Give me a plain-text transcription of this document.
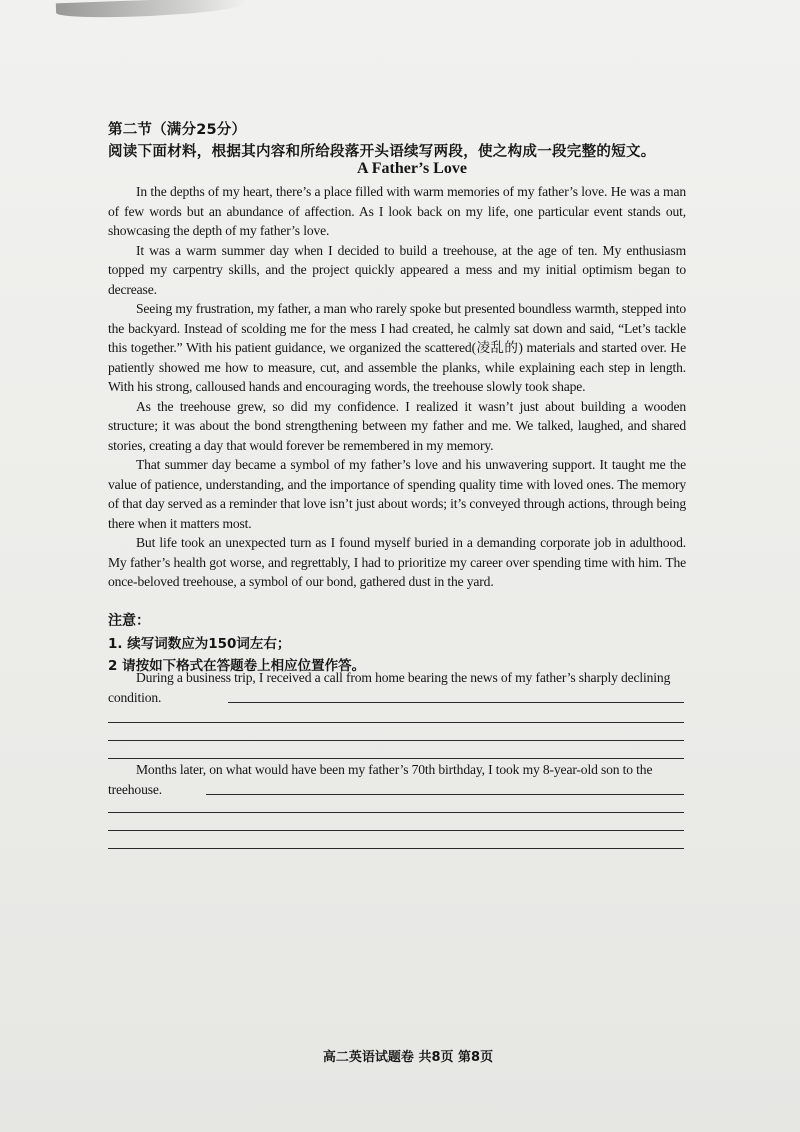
第二节（满分25分）
阅读下面材料，根据其内容和所给段落开头语续写两段，使之构成一段完整的短文。
A Father’s Love

In the depths of my heart, there’s a place filled with warm memories of my father’s love. He was a man of few words but an abundance of affection. As I look back on my life, one particular event stands out, showcasing the depth of my father’s love.

It was a warm summer day when I decided to build a treehouse, at the age of ten. My enthusiasm topped my carpentry skills, and the project quickly appeared a mess and my initial optimism began to decrease.

Seeing my frustration, my father, a man who rarely spoke but presented boundless warmth, stepped into the backyard. Instead of scolding me for the mess I had created, he calmly sat down and said, “Let’s tackle this together.” With his patient guidance, we organized the scattered(凌乱的) materials and started over. He patiently showed me how to measure, cut, and assemble the planks, while explaining each step in length. With his strong, calloused hands and encouraging words, the treehouse slowly took shape.

As the treehouse grew, so did my confidence. I realized it wasn’t just about building a wooden structure; it was about the bond strengthening between my father and me. We talked, laughed, and shared stories, creating a day that would forever be remembered in my memory.

That summer day became a symbol of my father’s love and his unwavering support. It taught me the value of patience, understanding, and the importance of spending quality time with loved ones. The memory of that day served as a reminder that love isn’t just about words; it’s conveyed through actions, through being there when it matters most.

But life took an unexpected turn as I found myself buried in a demanding corporate job in adulthood. My father’s health got worse, and regrettably, I had to prioritize my career over spending time with him. The once-beloved treehouse, a symbol of our bond, gathered dust in the yard.

注意：
1. 续写词数应为150词左右；
2 请按如下格式在答题卷上相应位置作答。
During a business trip, I received a call from home bearing the news of my father’s sharply declining condition.
Months later, on what would have been my father’s 70th birthday, I took my 8-year-old son to the treehouse.
高二英语试题卷 共8页 第8页
